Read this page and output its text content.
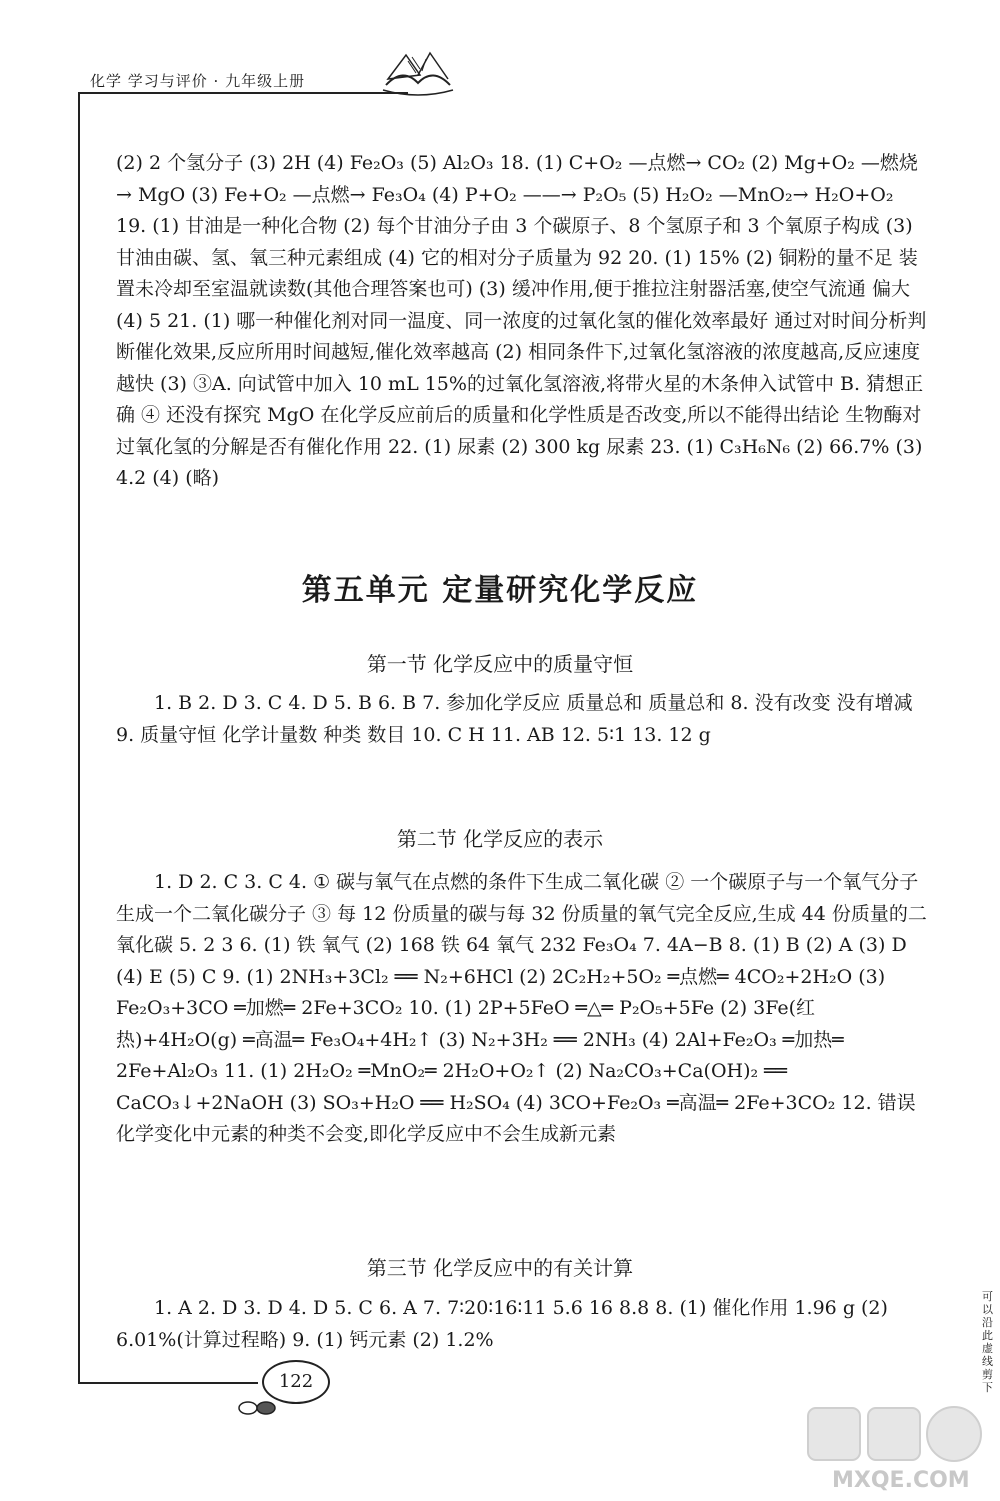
化学 学习与评价 · 九年级上册
(2) 2 个氢分子 (3) 2H (4) Fe₂O₃ (5) Al₂O₃ 18. (1) C+O₂ —点燃→ CO₂ (2) Mg+O₂ —燃烧→ MgO (3) Fe+O₂ —点燃→ Fe₃O₄ (4) P+O₂ ——→ P₂O₅ (5) H₂O₂ —MnO₂→ H₂O+O₂ 19. (1) 甘油是一种化合物 (2) 每个甘油分子由 3 个碳原子、8 个氢原子和 3 个氧原子构成 (3) 甘油由碳、氢、氧三种元素组成 (4) 它的相对分子质量为 92 20. (1) 15% (2) 铜粉的量不足 装置未冷却至室温就读数(其他合理答案也可) (3) 缓冲作用,便于推拉注射器活塞,使空气流通 偏大 (4) 5 21. (1) 哪一种催化剂对同一温度、同一浓度的过氧化氢的催化效率最好 通过对时间分析判断催化效果,反应所用时间越短,催化效率越高 (2) 相同条件下,过氧化氢溶液的浓度越高,反应速度越快 (3) ③A. 向试管中加入 10 mL 15%的过氧化氢溶液,将带火星的木条伸入试管中 B. 猜想正确 ④ 还没有探究 MgO 在化学反应前后的质量和化学性质是否改变,所以不能得出结论 生物酶对过氧化氢的分解是否有催化作用 22. (1) 尿素 (2) 300 kg 尿素 23. (1) C₃H₆N₆ (2) 66.7% (3) 4.2 (4) (略)
第五单元 定量研究化学反应
第一节 化学反应中的质量守恒
1. B 2. D 3. C 4. D 5. B 6. B 7. 参加化学反应 质量总和 质量总和 8. 没有改变 没有增减 9. 质量守恒 化学计量数 种类 数目 10. C H 11. AB 12. 5∶1 13. 12 g
第二节 化学反应的表示
1. D 2. C 3. C 4. ① 碳与氧气在点燃的条件下生成二氧化碳 ② 一个碳原子与一个氧气分子生成一个二氧化碳分子 ③ 每 12 份质量的碳与每 32 份质量的氧气完全反应,生成 44 份质量的二氧化碳 5. 2 3 6. (1) 铁 氧气 (2) 168 铁 64 氧气 232 Fe₃O₄ 7. 4A−B 8. (1) B (2) A (3) D (4) E (5) C 9. (1) 2NH₃+3Cl₂ ══ N₂+6HCl (2) 2C₂H₂+5O₂ ═点燃═ 4CO₂+2H₂O (3) Fe₂O₃+3CO ═加燃═ 2Fe+3CO₂ 10. (1) 2P+5FeO ═△═ P₂O₅+5Fe (2) 3Fe(红热)+4H₂O(g) ═高温═ Fe₃O₄+4H₂↑ (3) N₂+3H₂ ══ 2NH₃ (4) 2Al+Fe₂O₃ ═加热═ 2Fe+Al₂O₃ 11. (1) 2H₂O₂ ═MnO₂═ 2H₂O+O₂↑ (2) Na₂CO₃+Ca(OH)₂ ══ CaCO₃↓+2NaOH (3) SO₃+H₂O ══ H₂SO₄ (4) 3CO+Fe₂O₃ ═高温═ 2Fe+3CO₂ 12. 错误 化学变化中元素的种类不会变,即化学反应中不会生成新元素
第三节 化学反应中的有关计算
1. A 2. D 3. D 4. D 5. C 6. A 7. 7∶20∶16∶11 5.6 16 8.8 8. (1) 催化作用 1.96 g (2) 6.01%(计算过程略) 9. (1) 钙元素 (2) 1.2%
122
可以沿此虚线剪下
MXQE.COM
